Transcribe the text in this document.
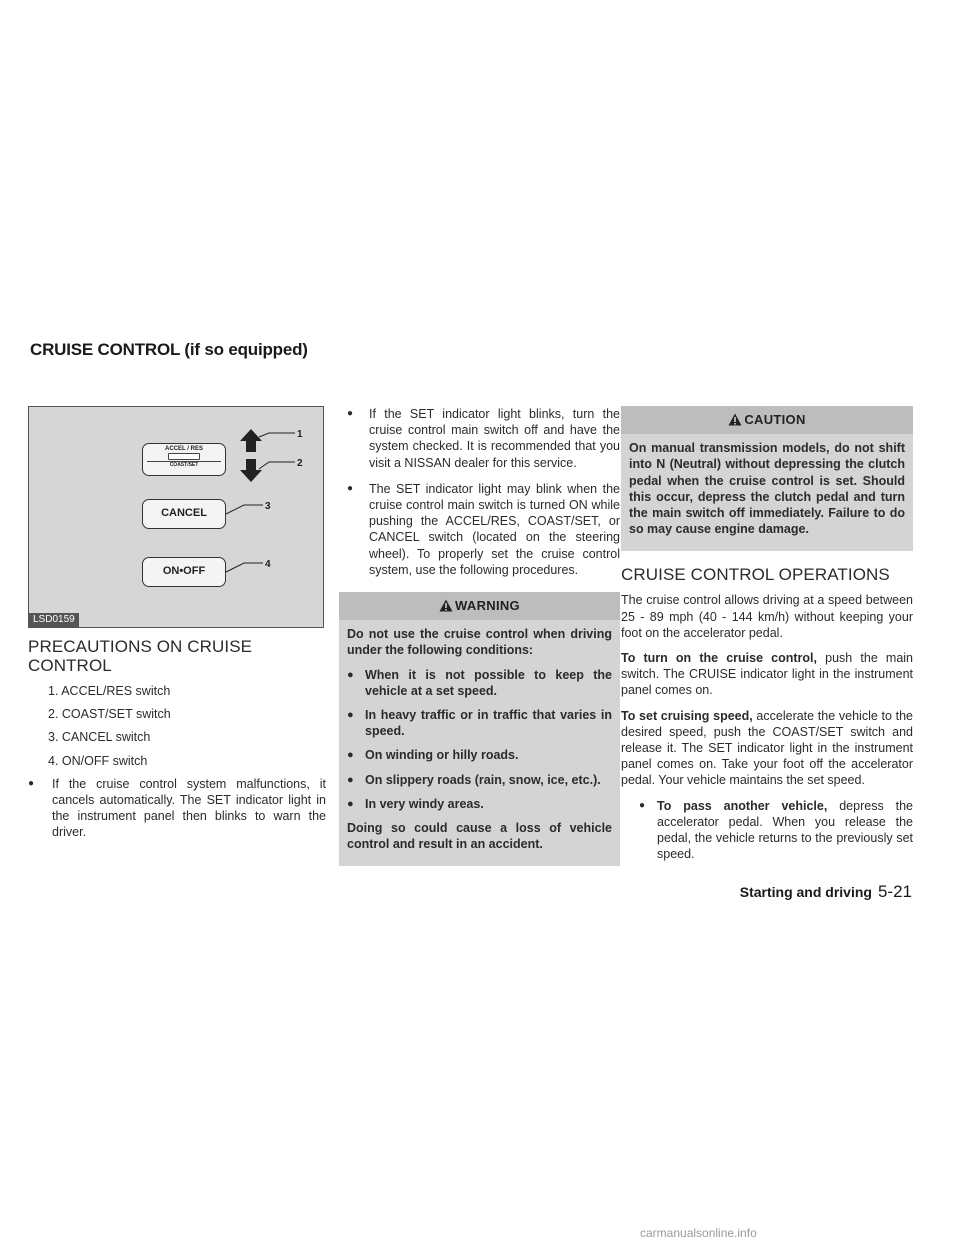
CRUISE CONTROL (if so equipped)
ACCEL / RES
COAST/SET
CANCEL
ON•OFF
1
2
3
4
LSD0159
PRECAUTIONS ON CRUISE CONTROL
1. ACCEL/RES switch
2. COAST/SET switch
3. CANCEL switch
4. ON/OFF switch
● If the cruise control system malfunctions, it cancels automatically. The SET indicator light in the instrument panel then blinks to warn the driver.
● If the SET indicator light blinks, turn the cruise control main switch off and have the system checked. It is recommended that you visit a NISSAN dealer for this service.
● The SET indicator light may blink when the cruise control main switch is turned ON while pushing the ACCEL/RES, COAST/SET, or CANCEL switch (located on the steering wheel). To properly set the cruise control system, use the following procedures.
WARNING

Do not use the cruise control when driving under the following conditions:

● When it is not possible to keep the vehicle at a set speed.
● In heavy traffic or in traffic that varies in speed.
● On winding or hilly roads.
● On slippery roads (rain, snow, ice, etc.).
● In very windy areas.

Doing so could cause a loss of vehicle control and result in an accident.

CAUTION

On manual transmission models, do not shift into N (Neutral) without depressing the clutch pedal when the cruise control is set. Should this occur, depress the clutch pedal and turn the main switch off immediately. Failure to do so may cause engine damage.

CRUISE CONTROL OPERATIONS

The cruise control allows driving at a speed between 25 - 89 mph (40 - 144 km/h) without keeping your foot on the accelerator pedal.

To turn on the cruise control, push the main switch. The CRUISE indicator light in the instrument panel comes on.

To set cruising speed, accelerate the vehicle to the desired speed, push the COAST/SET switch and release it. The SET indicator light in the instrument panel comes on. Take your foot off the accelerator pedal. Your vehicle maintains the set speed.

● To pass another vehicle, depress the accelerator pedal. When you release the pedal, the vehicle returns to the previously set speed.
Starting and driving 5-21
carmanualsonline.info
